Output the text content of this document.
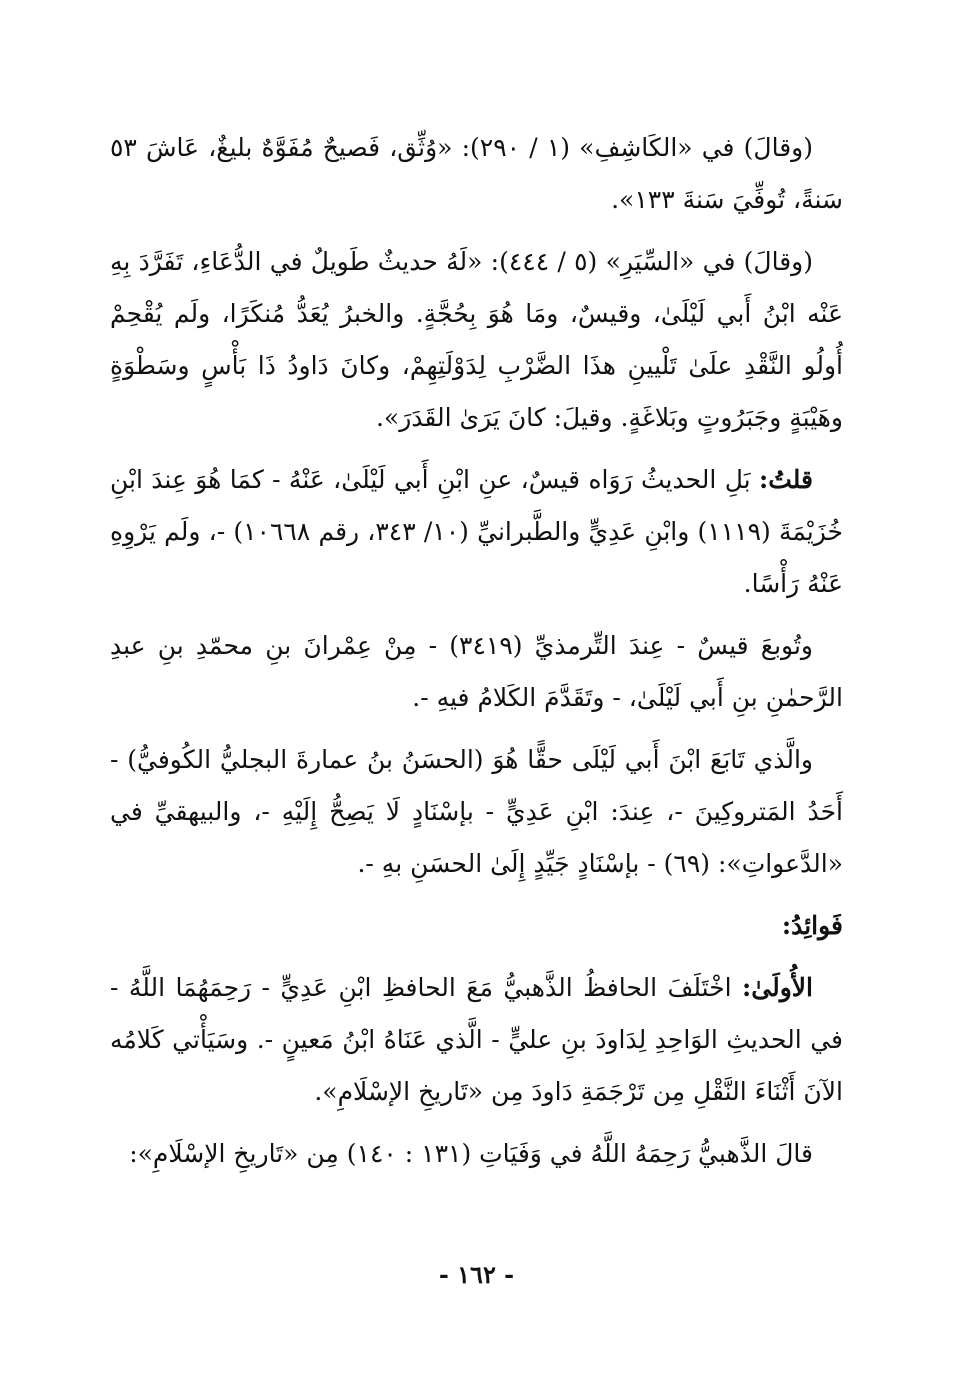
(وقالَ) في «الكَاشِفِ» (١ / ٢٩٠): «وُثِّق، فَصيحٌ مُفَوَّهٌ بليغٌ، عَاشَ ٥٣ سَنةً، تُوفِّيَ سَنةَ ١٣٣».

(وقالَ) في «السِّيَرِ» (٥ / ٤٤٤): «لَهُ حديثٌ طَويلٌ في الدُّعَاءِ، تَفَرَّدَ بِهِ عَنْه ابْنُ أَبي لَيْلَىٰ، وقيسٌ، ومَا هُوَ بِحُجَّةٍ. والخبرُ يُعَدُّ مُنكَرًا، ولَم يُقْحِمْ أُولُو النَّقْدِ علَىٰ تَلْيينِ هذَا الضَّرْبِ لِدَوْلَتِهِمْ، وكانَ دَاودُ ذَا بَأْسٍ وسَطْوَةٍ وهَيْبَةٍ وجَبَرُوتٍ وبَلاغَةٍ. وقيلَ: كانَ يَرَىٰ القَدَرَ».

قلتُ: بَلِ الحديثُ رَوَاه قيسٌ، عنِ ابْنِ أَبي لَيْلَىٰ، عَنْهُ - كمَا هُوَ عِندَ ابْنِ خُزَيْمَةَ (١١١٩) وابْنِ عَدِيٍّ والطَّبرانيِّ (١٠/ ٣٤٣، رقم ١٠٦٦٨) -، ولَم يَرْوِهِ عَنْهُ رَأْسًا.

وتُوبعَ قيسٌ - عِندَ التِّرمذيِّ (٣٤١٩) - مِنْ عِمْرانَ بنِ محمّدِ بنِ عبدِ الرَّحمٰنِ بنِ أَبي لَيْلَىٰ، - وتَقَدَّمَ الكَلامُ فيهِ -.

والَّذي تَابَعَ ابْنَ أَبي لَيْلَى حقًّا هُوَ (الحسَنُ بنُ عمارةَ البجليُّ الكُوفيُّ) - أَحَدُ المَتروكِينَ -، عِندَ: ابْنِ عَدِيٍّ - بإسْنَادٍ لَا يَصِحُّ إِلَيْهِ -، والبيهقيِّ في «الدَّعواتِ»: (٦٩) - بإسْنَادٍ جَيِّدٍ إِلَىٰ الحسَنِ بهِ -.

فَوائِدُ:

الأُولَىٰ: اخْتَلَفَ الحافظُ الذَّهبيُّ مَعَ الحافظِ ابْنِ عَدِيٍّ - رَحِمَهُمَا اللَّهُ - في الحديثِ الوَاحِدِ لِدَاودَ بنِ عليٍّ - الَّذي عَنَاهُ ابْنُ مَعينٍ -. وسَيَأْتي كَلامُه الآنَ أَثْنَاءَ النَّقْلِ مِن تَرْجَمَةِ دَاودَ مِن «تَاريخِ الإسْلَامِ».

قالَ الذَّهبيُّ رَحِمَهُ اللَّهُ في وَفَيَاتِ (١٣١ : ١٤٠) مِن «تَاريخِ الإسْلَامِ»:

- ١٦٢ -
